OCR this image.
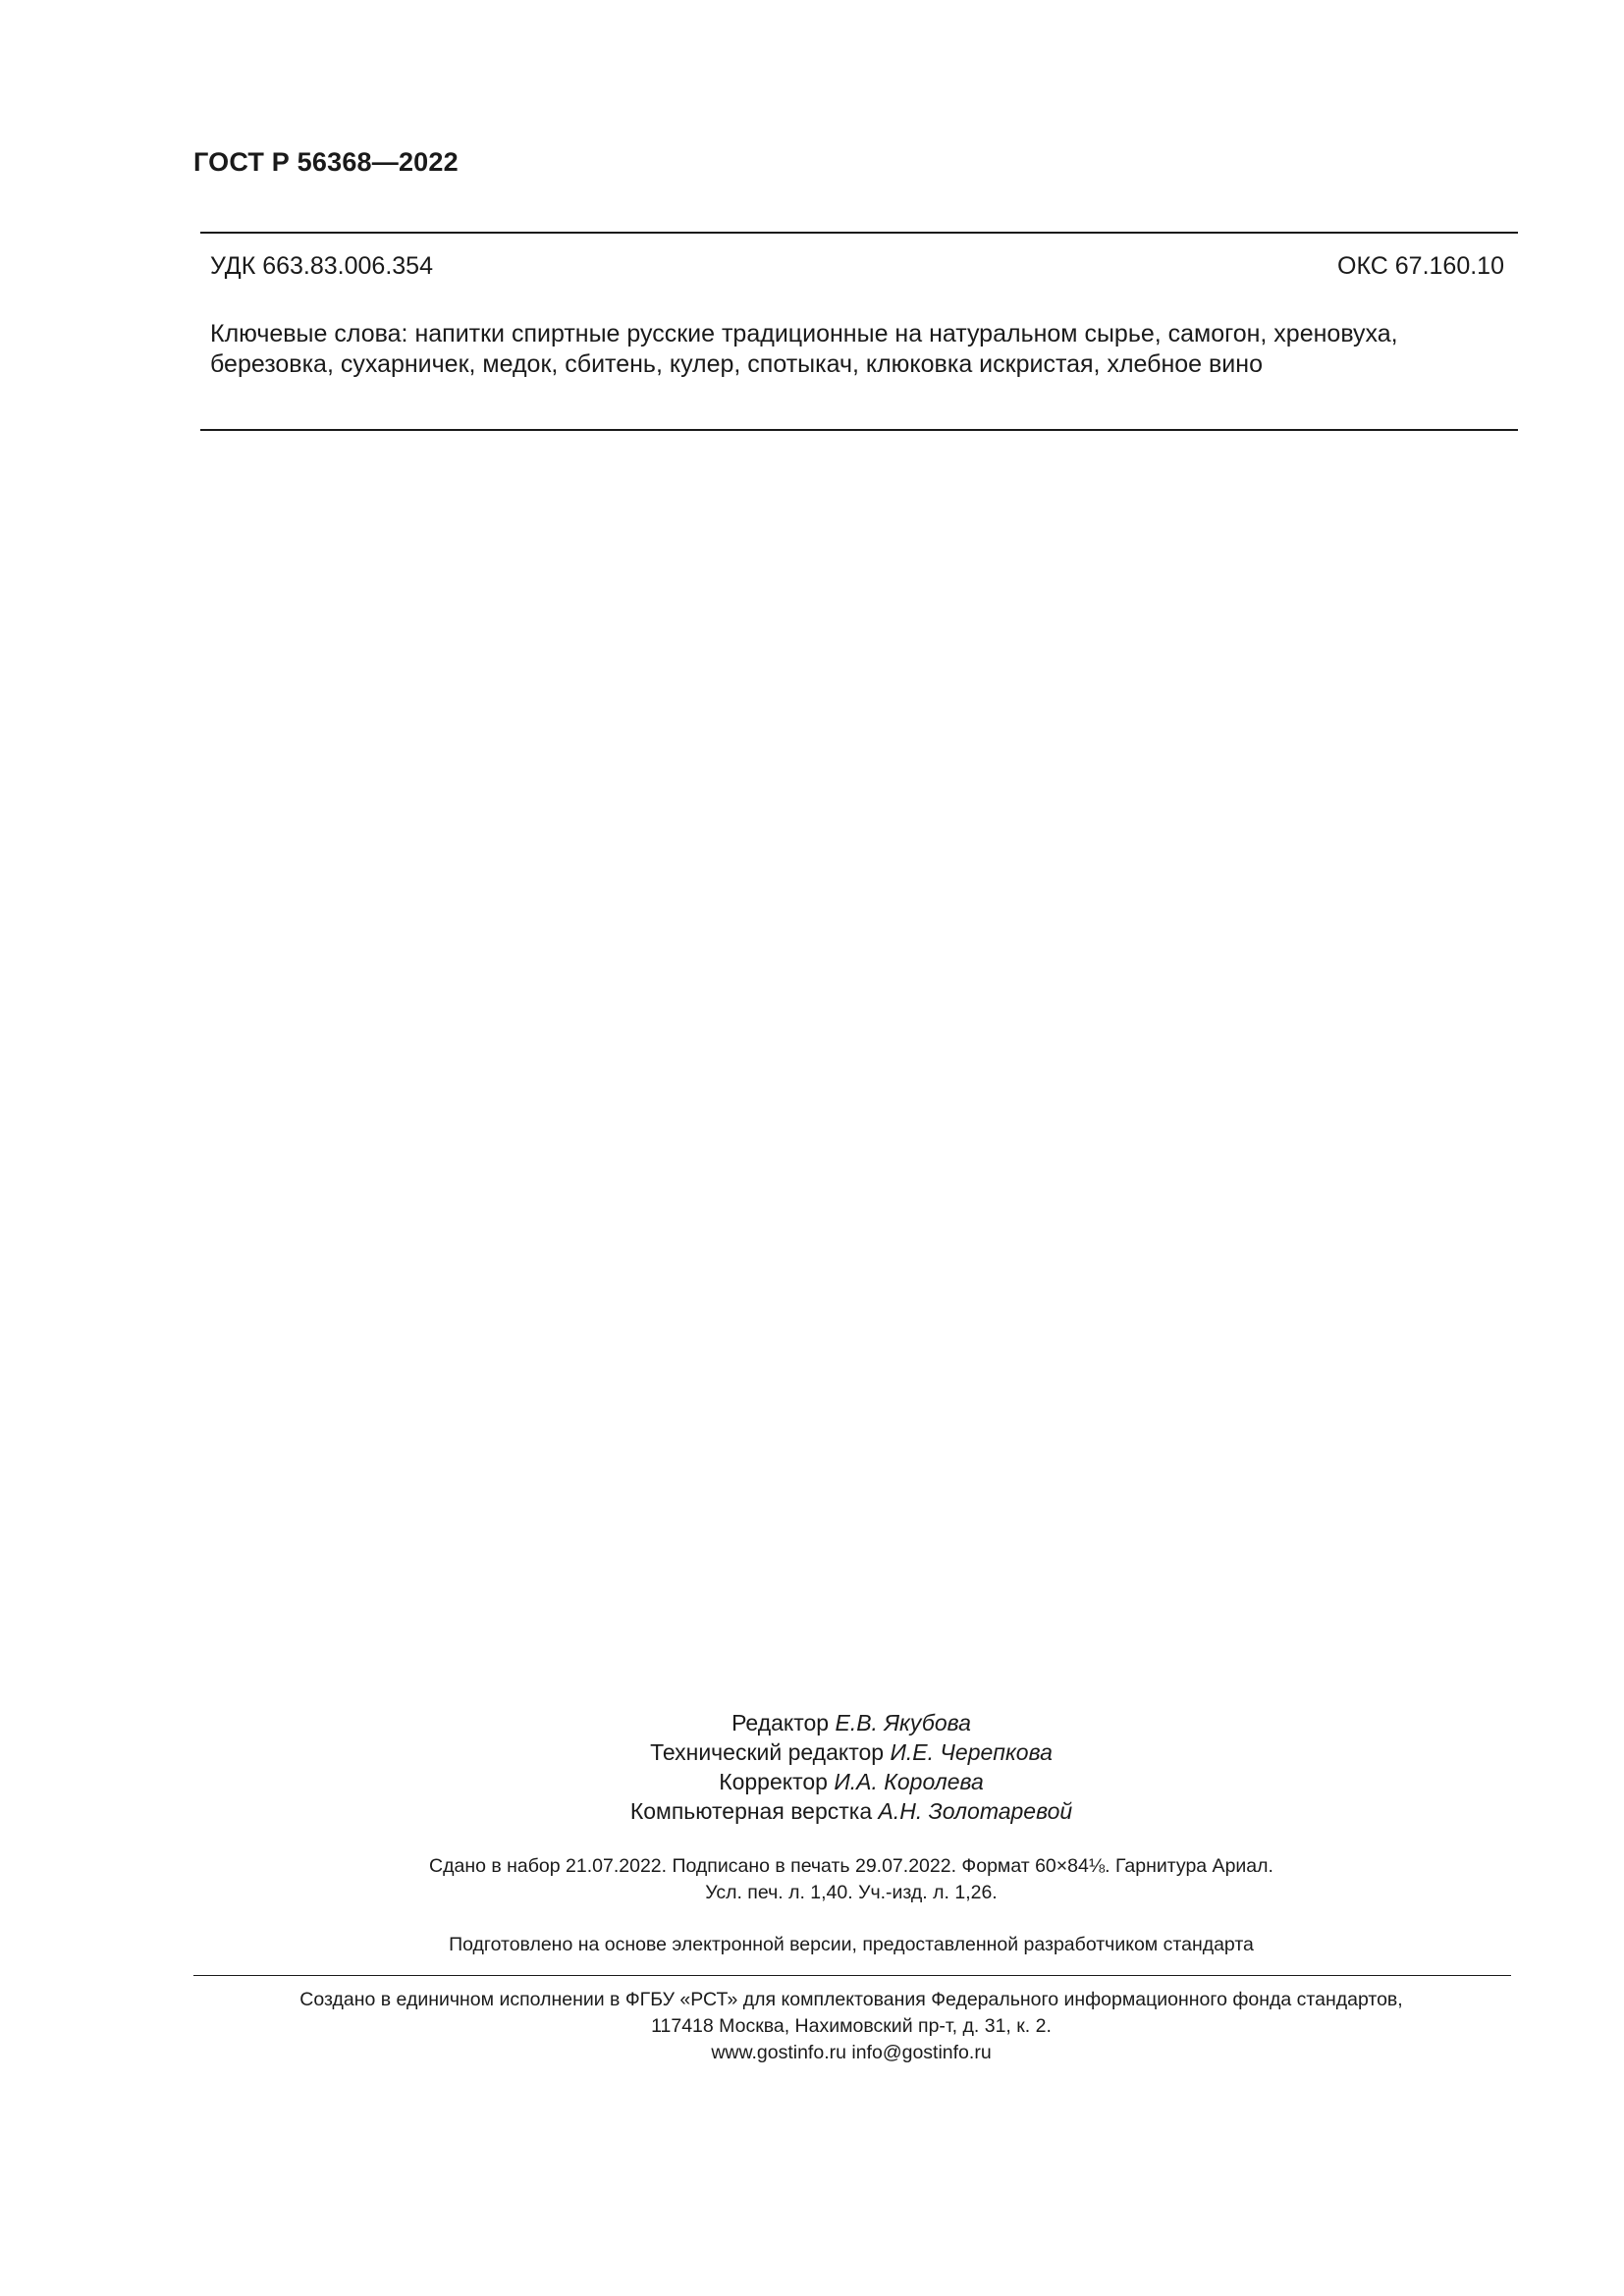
ГОСТ Р 56368—2022
УДК 663.83.006.354	ОКС 67.160.10
Ключевые слова: напитки спиртные русские традиционные на натуральном сырье, самогон, хреновуха, березовка, сухарничек, медок, сбитень, кулер, спотыкач, клюковка искристая, хлебное вино
Редактор Е.В. Якубова
Технический редактор И.Е. Черепкова
Корректор И.А. Королева
Компьютерная верстка А.Н. Золотаревой
Сдано в набор 21.07.2022. Подписано в печать 29.07.2022. Формат 60×84⅛. Гарнитура Ариал.
Усл. печ. л. 1,40. Уч.-изд. л. 1,26.
Подготовлено на основе электронной версии, предоставленной разработчиком стандарта
Создано в единичном исполнении в ФГБУ «РСТ» для комплектования Федерального информационного фонда стандартов,
117418 Москва, Нахимовский пр-т, д. 31, к. 2.
www.gostinfo.ru info@gostinfo.ru
